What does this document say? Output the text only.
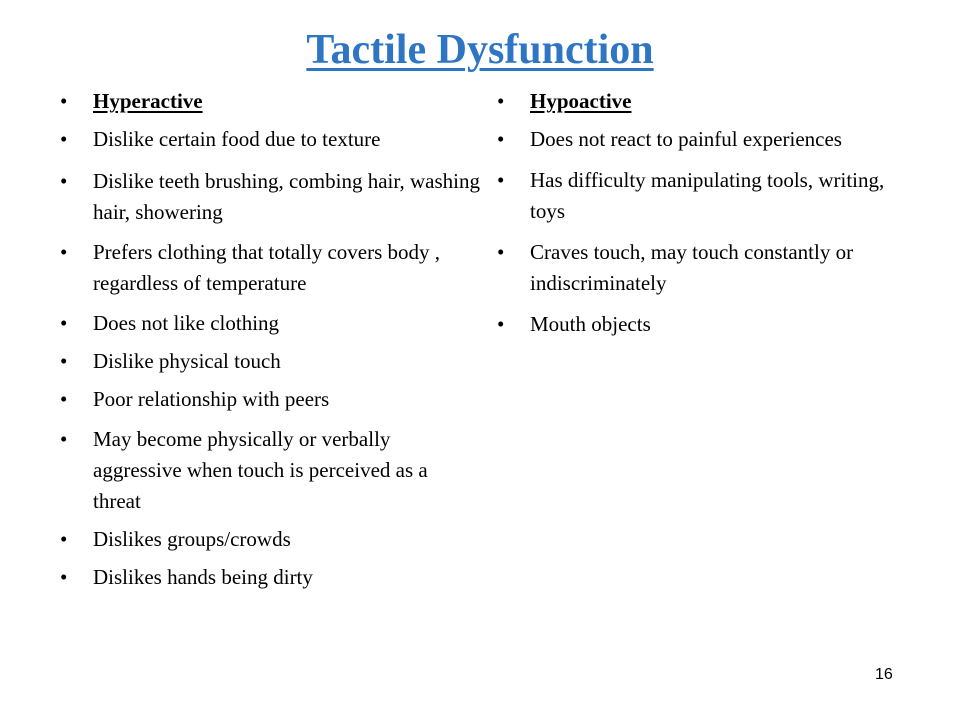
Tactile Dysfunction
• Hyperactive
• Dislike certain food due to texture
• Dislike teeth brushing, combing hair, washing hair, showering
• Prefers clothing that totally covers body , regardless of temperature
• Does not like clothing
• Dislike physical touch
• Poor relationship with peers
• May become physically or verbally aggressive when touch is perceived as a threat
• Dislikes groups/crowds
• Dislikes hands being dirty
• Hypoactive
• Does not react to painful experiences
• Has difficulty manipulating tools, writing, toys
• Craves touch, may touch constantly or indiscriminately
• Mouth objects
16
